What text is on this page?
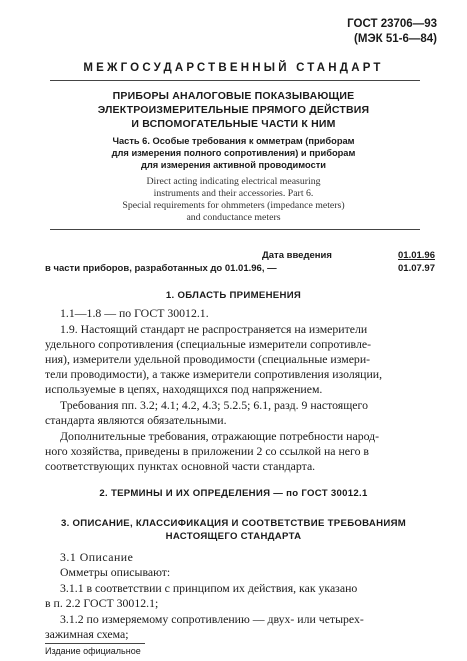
ГОСТ 23706—93
(МЭК 51-6—84)
МЕЖГОСУДАРСТВЕННЫЙ СТАНДАРТ
ПРИБОРЫ АНАЛОГОВЫЕ ПОКАЗЫВАЮЩИЕ
ЭЛЕКТРОИЗМЕРИТЕЛЬНЫЕ ПРЯМОГО ДЕЙСТВИЯ
И ВСПОМОГАТЕЛЬНЫЕ ЧАСТИ К НИМ
Часть 6. Особые требования к омметрам (приборам
для измерения полного сопротивления) и приборам
для измерения активной проводимости
Direct acting indicating electrical measuring
instruments and their accessories. Part 6.
Special requirements for ohmmeters (impedance meters)
and conductance meters
Дата введения	01.01.96
в части приборов, разработанных до 01.01.96, —	01.07.97
1. ОБЛАСТЬ ПРИМЕНЕНИЯ
1.1—1.8 — по ГОСТ 30012.1.
1.9. Настоящий стандарт не распространяется на измерители
удельного сопротивления (специальные измерители сопротивле-
ния), измерители удельной проводимости (специальные измери-
тели проводимости), а также измерители сопротивления изоляции,
используемые в цепях, находящихся под напряжением.
Требования пп. 3.2; 4.1; 4.2, 4.3; 5.2.5; 6.1, разд. 9 настоящего
стандарта являются обязательными.
Дополнительные требования, отражающие потребности народ-
ного хозяйства, приведены в приложении 2 со ссылкой на него в
соответствующих пунктах основной части стандарта.
2. ТЕРМИНЫ И ИХ ОПРЕДЕЛЕНИЯ — по ГОСТ 30012.1
3. ОПИСАНИЕ, КЛАССИФИКАЦИЯ И СООТВЕТСТВИЕ ТРЕБОВАНИЯМ
НАСТОЯЩЕГО СТАНДАРТА
3.1 Описание
Омметры описывают:
3.1.1 в соответствии с принципом их действия, как указано
в п. 2.2 ГОСТ 30012.1;
3.1.2 по измеряемому сопротивлению — двух- или четырех-
зажимная схема;
Издание официальное
